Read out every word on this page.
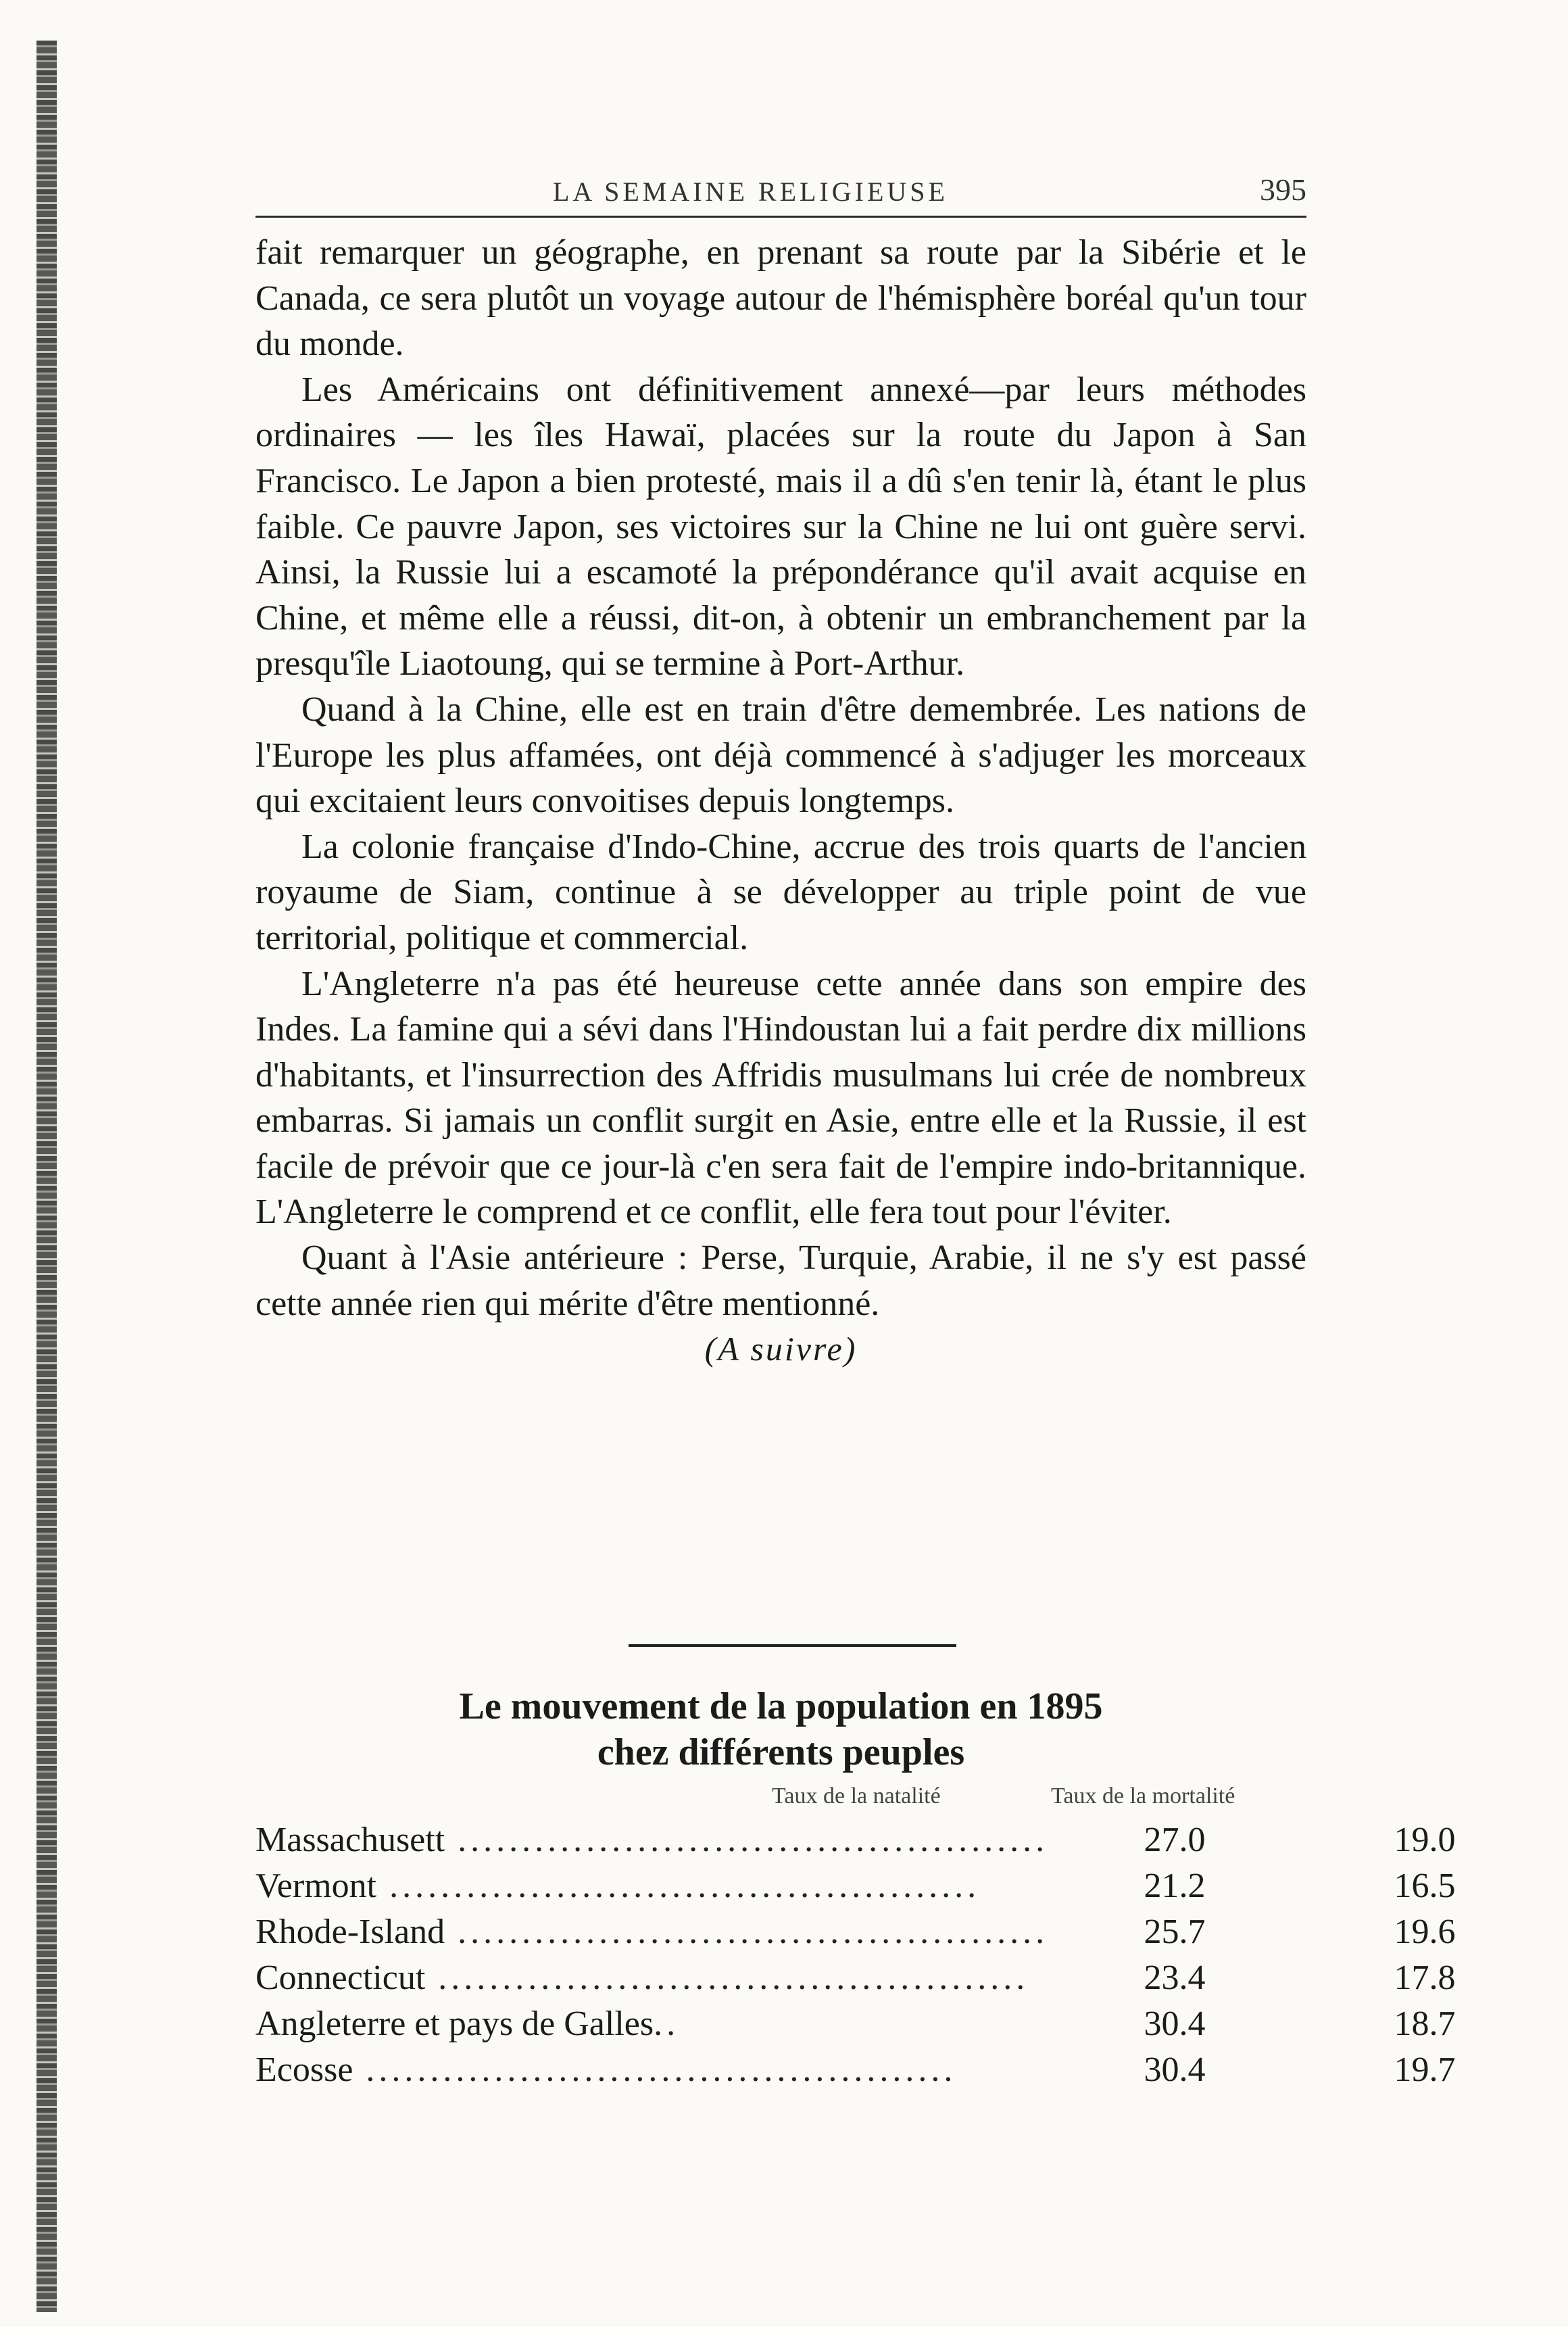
LA SEMAINE RELIGIEUSE	395

fait remarquer un géographe, en prenant sa route par la Sibérie et le Canada, ce sera plutôt un voyage autour de l'hémisphère boréal qu'un tour du monde.

Les Américains ont définitivement annexé—par leurs méthodes ordinaires — les îles Hawaï, placées sur la route du Japon à San Francisco. Le Japon a bien protesté, mais il a dû s'en tenir là, étant le plus faible. Ce pauvre Japon, ses victoires sur la Chine ne lui ont guère servi. Ainsi, la Russie lui a escamoté la prépondérance qu'il avait acquise en Chine, et même elle a réussi, dit-on, à obtenir un embranchement par la presqu'île Liaotoung, qui se termine à Port-Arthur.

Quand à la Chine, elle est en train d'être demembrée. Les nations de l'Europe les plus affamées, ont déjà commencé à s'adjuger les morceaux qui excitaient leurs convoitises depuis longtemps.

La colonie française d'Indo-Chine, accrue des trois quarts de l'ancien royaume de Siam, continue à se développer au triple point de vue territorial, politique et commercial.

L'Angleterre n'a pas été heureuse cette année dans son empire des Indes. La famine qui a sévi dans l'Hindoustan lui a fait perdre dix millions d'habitants, et l'insurrection des Affridis musulmans lui crée de nombreux embarras. Si jamais un conflit surgit en Asie, entre elle et la Russie, il est facile de prévoir que ce jour-là c'en sera fait de l'empire indo-britannique. L'Angleterre le comprend et ce conflit, elle fera tout pour l'éviter.

Quant à l'Asie antérieure : Perse, Turquie, Arabie, il ne s'y est passé cette année rien qui mérite d'être mentionné.

(A suivre)

Le mouvement de la population en 1895
chez différents peuples
Taux de la natalité	Taux de la mortalité
Massachusett ..............................................	27.0	19.0
Vermont ..............................................	21.2	16.5
Rhode-Island ..............................................	25.7	19.6
Connecticut ..............................................	23.4	17.8
Angleterre et pays de Galles..	30.4	18.7
Ecosse ..............................................	30.4	19.7
